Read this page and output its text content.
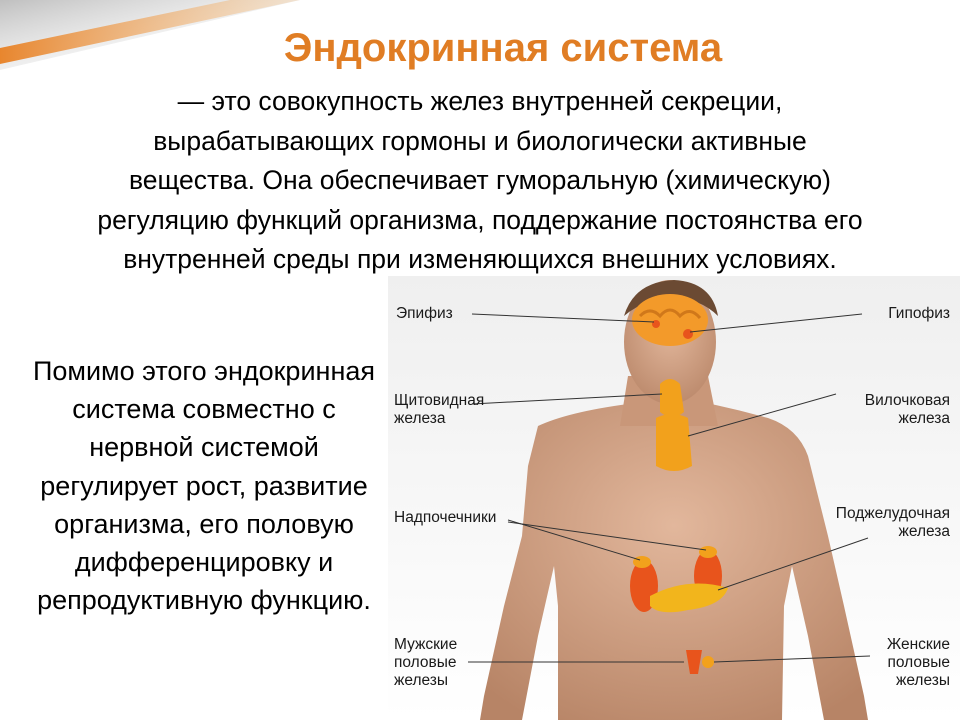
Эндокринная система
— это совокупность желез внутренней секреции,
вырабатывающих гормоны и биологически активные
вещества. Она обеспечивает гуморальную (химическую)
регуляцию функций организма, поддержание постоянства его
внутренней среды при изменяющихся внешних условиях.
Помимо этого эндокринная
система совместно с
нервной системой
регулирует рост, развитие
организма, его половую
дифференцировку и
репродуктивную функцию.
Эпифиз	Гипофиз
Щитовидная
железа
Вилочковая
железа
Надпочечники	Поджелудочная
железа
Мужские
половые
железы
Женские
половые
железы
